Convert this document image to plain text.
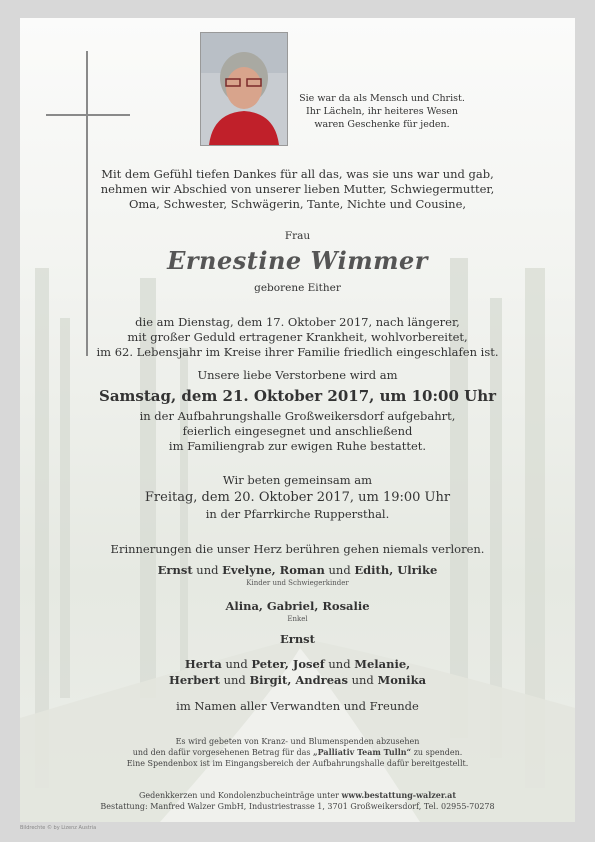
Sie war da als Mensch und Christ.
Ihr Lächeln, ihr heiteres Wesen
waren Geschenke für jeden.
Mit dem Gefühl tiefen Dankes für all das, was sie uns war und gab,
nehmen wir Abschied von unserer lieben Mutter, Schwiegermutter,
Oma, Schwester, Schwägerin, Tante, Nichte und Cousine,
Frau
Ernestine Wimmer
geborene Either
die am Dienstag, dem 17. Oktober 2017, nach längerer,
mit großer Geduld ertragener Krankheit, wohlvorbereitet,
im 62. Lebensjahr im Kreise ihrer Familie friedlich eingeschlafen ist.
Unsere liebe Verstorbene wird am
Samstag, dem 21. Oktober 2017, um 10:00 Uhr
in der Aufbahrungshalle Großweikersdorf aufgebahrt,
feierlich eingesegnet und anschließend
im Familiengrab zur ewigen Ruhe bestattet.
Wir beten gemeinsam am
Freitag, dem 20. Oktober 2017, um 19:00 Uhr
in der Pfarrkirche Ruppersthal.
Erinnerungen die unser Herz berühren gehen niemals verloren.
Ernst und Evelyne, Roman und Edith, Ulrike
Kinder und Schwiegerkinder
Alina, Gabriel, Rosalie
Enkel
Ernst
Herta und Peter, Josef und Melanie,
Herbert und Birgit, Andreas und Monika
im Namen aller Verwandten und Freunde
Es wird gebeten von Kranz- und Blumenspenden abzusehen
und den dafür vorgesehenen Betrag für das „Palliativ Team Tulln“ zu spenden.
Eine Spendenbox ist im Eingangsbereich der Aufbahrungshalle dafür bereitgestellt.
Gedenkkerzen und Kondolenzbucheinträge unter www.bestattung-walzer.at
Bestattung: Manfred Walzer GmbH, Industriestrasse 1, 3701 Großweikersdorf, Tel. 02955-70278
Bildrechte © by Lizenz Austria
